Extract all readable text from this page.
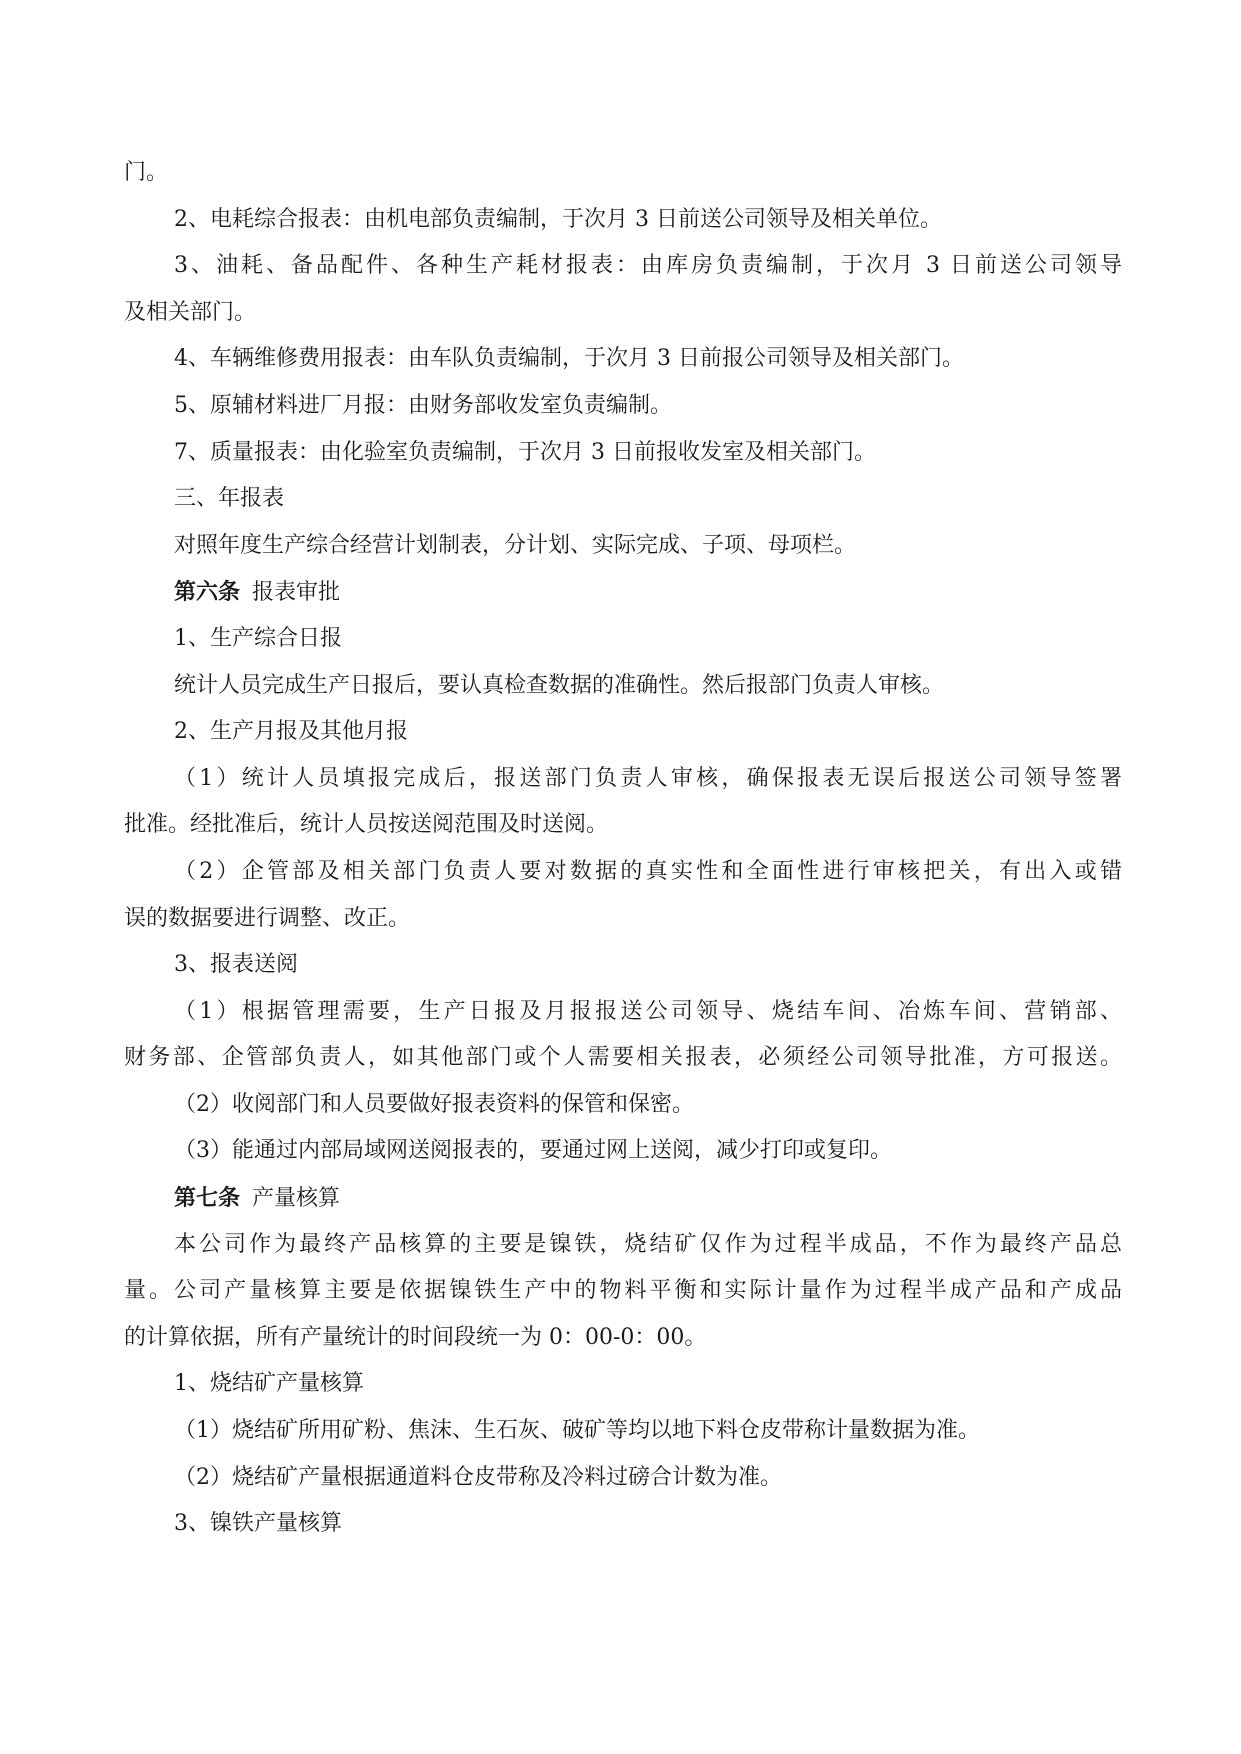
门。
2、电耗综合报表：由机电部负责编制，于次月 3 日前送公司领导及相关单位。
3、油耗、备品配件、各种生产耗材报表：由库房负责编制，于次月 3 日前送公司领导
及相关部门。
4、车辆维修费用报表：由车队负责编制，于次月 3 日前报公司领导及相关部门。
5、原辅材料进厂月报：由财务部收发室负责编制。
7、质量报表：由化验室负责编制，于次月 3 日前报收发室及相关部门。
三、年报表
对照年度生产综合经营计划制表，分计划、实际完成、子项、母项栏。
第六条 报表审批
1、生产综合日报
统计人员完成生产日报后，要认真检查数据的准确性。然后报部门负责人审核。
2、生产月报及其他月报
（1）统计人员填报完成后，报送部门负责人审核，确保报表无误后报送公司领导签署
批准。经批准后，统计人员按送阅范围及时送阅。
（2）企管部及相关部门负责人要对数据的真实性和全面性进行审核把关，有出入或错
误的数据要进行调整、改正。
3、报表送阅
（1）根据管理需要，生产日报及月报报送公司领导、烧结车间、冶炼车间、营销部、
财务部、企管部负责人，如其他部门或个人需要相关报表，必须经公司领导批准，方可报送。
（2）收阅部门和人员要做好报表资料的保管和保密。
（3）能通过内部局域网送阅报表的，要通过网上送阅，减少打印或复印。
第七条 产量核算
本公司作为最终产品核算的主要是镍铁，烧结矿仅作为过程半成品，不作为最终产品总
量。公司产量核算主要是依据镍铁生产中的物料平衡和实际计量作为过程半成产品和产成品
的计算依据，所有产量统计的时间段统一为 0：00-0：00。
1、烧结矿产量核算
（1）烧结矿所用矿粉、焦沫、生石灰、破矿等均以地下料仓皮带称计量数据为准。
（2）烧结矿产量根据通道料仓皮带称及冷料过磅合计数为准。
3、镍铁产量核算
